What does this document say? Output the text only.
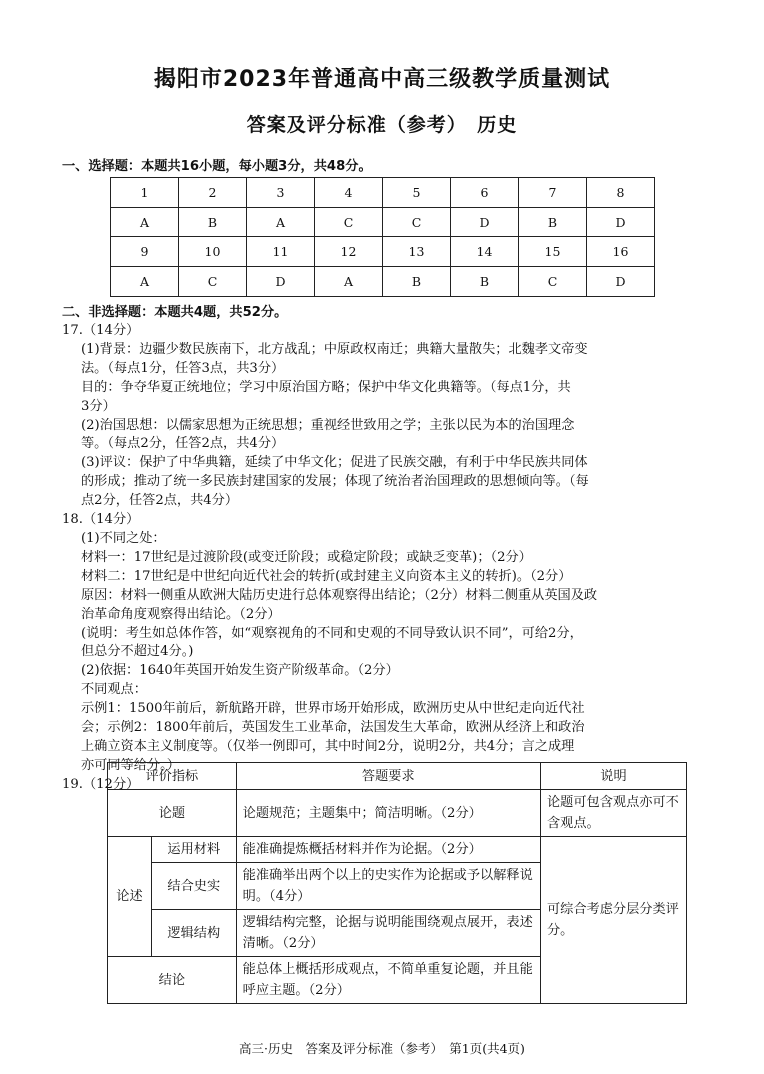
揭阳市2023年普通高中高三级教学质量测试
答案及评分标准（参考）　历史
一、选择题：本题共16小题，每小题3分，共48分。
1	2	3	4	5	6	7	8
A	B	A	C	C	D	B	D
9	10	11	12	13	14	15	16
A	C	D	A	B	B	C	D
二、非选择题：本题共4题，共52分。

17.（14分）

(1)背景：边疆少数民族南下，北方战乱；中原政权南迁；典籍大量散失；北魏孝文帝变

法。（每点1分，任答3点，共3分）

目的：争夺华夏正统地位；学习中原治国方略；保护中华文化典籍等。（每点1分，共

3分）

(2)治国思想：以儒家思想为正统思想；重视经世致用之学；主张以民为本的治国理念

等。（每点2分，任答2点，共4分）

(3)评议：保护了中华典籍，延续了中华文化；促进了民族交融，有利于中华民族共同体

的形成；推动了统一多民族封建国家的发展；体现了统治者治国理政的思想倾向等。（每

点2分，任答2点，共4分）

18.（14分）

(1)不同之处：

材料一：17世纪是过渡阶段(或变迁阶段；或稳定阶段；或缺乏变革)；（2分）

材料二：17世纪是中世纪向近代社会的转折(或封建主义向资本主义的转折)。（2分）

原因：材料一侧重从欧洲大陆历史进行总体观察得出结论；（2分）材料二侧重从英国及政

治革命角度观察得出结论。（2分）

(说明：考生如总体作答，如“观察视角的不同和史观的不同导致认识不同”，可给2分，

但总分不超过4分。)

(2)依据：1640年英国开始发生资产阶级革命。（2分）

不同观点：

示例1：1500年前后，新航路开辟，世界市场开始形成，欧洲历史从中世纪走向近代社

会；示例2：1800年前后，英国发生工业革命，法国发生大革命，欧洲从经济上和政治

上确立资本主义制度等。（仅举一例即可，其中时间2分，说明2分，共4分；言之成理

亦可同等给分。）

19.（12分）

评价指标		答题要求	说明
论题		论题规范；主题集中；简洁明晰。（2分）	论题可包含观点亦可不含观点。
论述	运用材料	能准确提炼概括材料并作为论据。（2分）	可综合考虑分层分类评分。
	结合史实	能准确举出两个以上的史实作为论据或予以解释说明。（4分）	
	逻辑结构	逻辑结构完整，论据与说明能围绕观点展开，表述清晰。（2分）	
结论		能总体上概括形成观点，不简单重复论题，并且能呼应主题。（2分）	
高三·历史　答案及评分标准（参考）　第1页(共4页)
